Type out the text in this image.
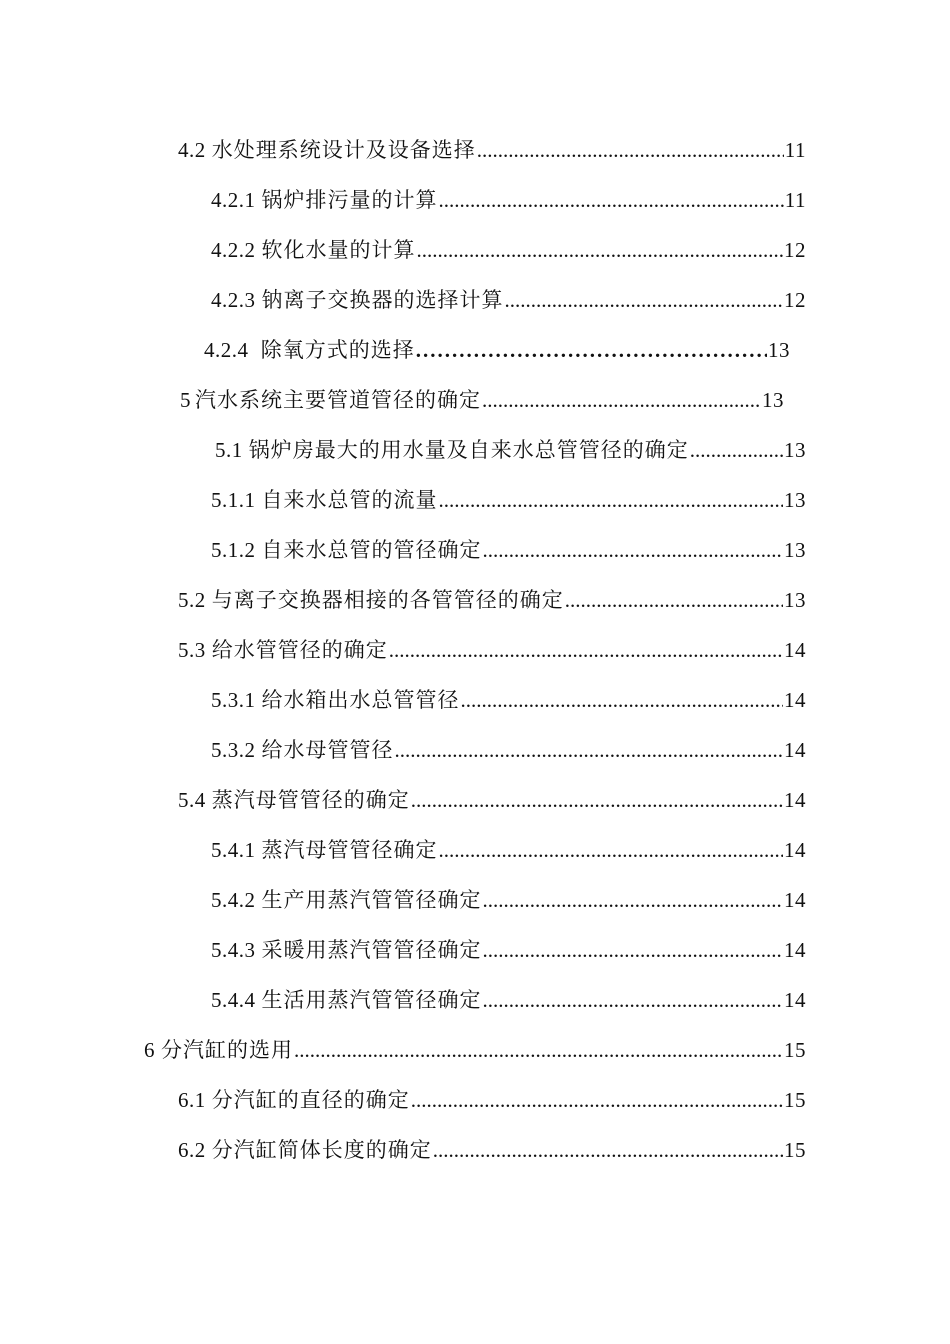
4.2 水处理系统设计及设备选择 .....	11
4.2.1 锅炉排污量的计算 .....	11
4.2.2 软化水量的计算 .....	12
4.2.3 钠离子交换器的选择计算 .....	12
4.2.4 除氧方式的选择 .....	13
5 汽水系统主要管道管径的确定 .....	13
5.1 锅炉房最大的用水量及自来水总管管径的确定 .....	13
5.1.1 自来水总管的流量 .....	13
5.1.2 自来水总管的管径确定 .....	13
5.2 与离子交换器相接的各管管径的确定 .....	13
5.3 给水管管径的确定 .....	14
5.3.1 给水箱出水总管管径 .....	14
5.3.2 给水母管管径 .....	14
5.4 蒸汽母管管径的确定 .....	14
5.4.1 蒸汽母管管径确定 .....	14
5.4.2 生产用蒸汽管管径确定 .....	14
5.4.3 采暖用蒸汽管管径确定 .....	14
5.4.4 生活用蒸汽管管径确定 .....	14
6 分汽缸的选用 .....	15
6.1 分汽缸的直径的确定 .....	15
6.2 分汽缸简体长度的确定 .....	15
